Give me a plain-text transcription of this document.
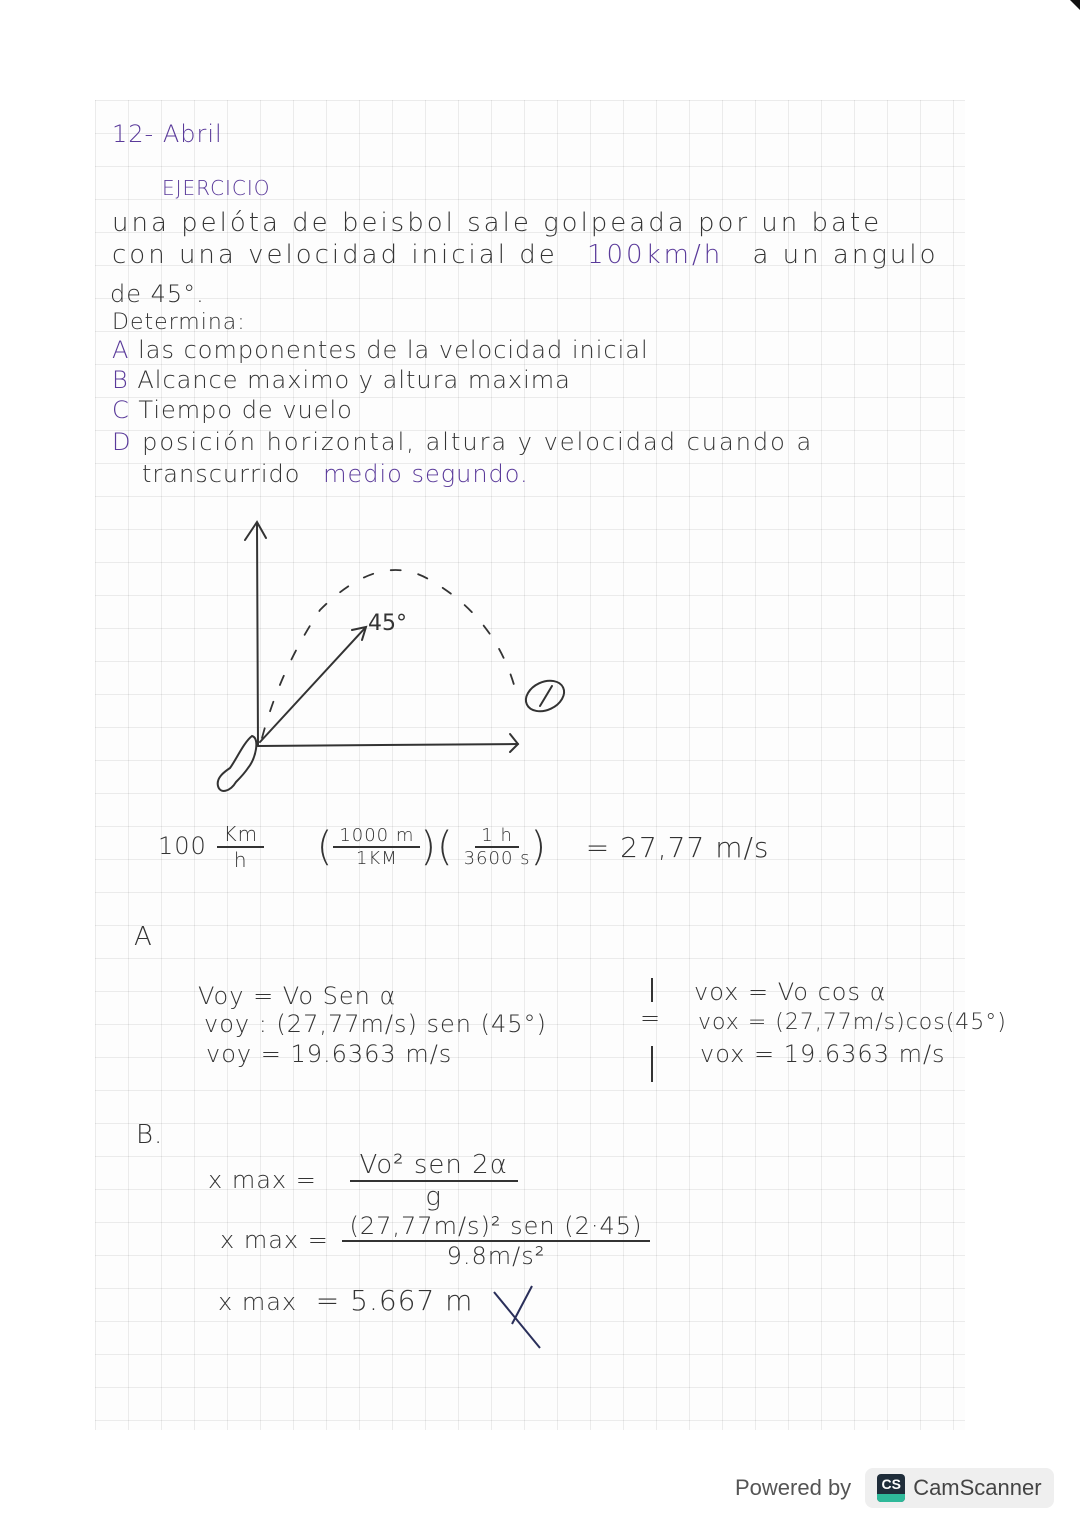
12- Abril
EJERCICIO
una pelóta de beisbol sale golpeada por un bate
con una velocidad inicial de 100km/h a un angulo
de 45°.
Determina:
A las componentes de la velocidad inicial
B Alcance maximo y altura maxima
C Tiempo de vuelo
D posición horizontal, altura y velocidad cuando a
transcurrido medio segundo.
45°
$100 \frac{Km}{h}$ ( $\frac{1000 m}{1KM}$ )( $\frac{1 h}{3600 s}$ ) = 27,77 m/s
A
Voy = Vo Sen α
voy : (27,77m/s) sen (45°)
voy = 19.6363 m/s
=
vox = Vo cos α
vox = (27,77m/s)cos(45°)
vox = 19.6363 m/s
B.
x $\max = \frac{\text{Vo² sen 2α}}{g}$
x $\max = \frac{\text{(27,77m/s)² sen (2·45)}}{\text{9.8m/s²}}$
x max = 5.667 m
Powered by	CS CamScanner
